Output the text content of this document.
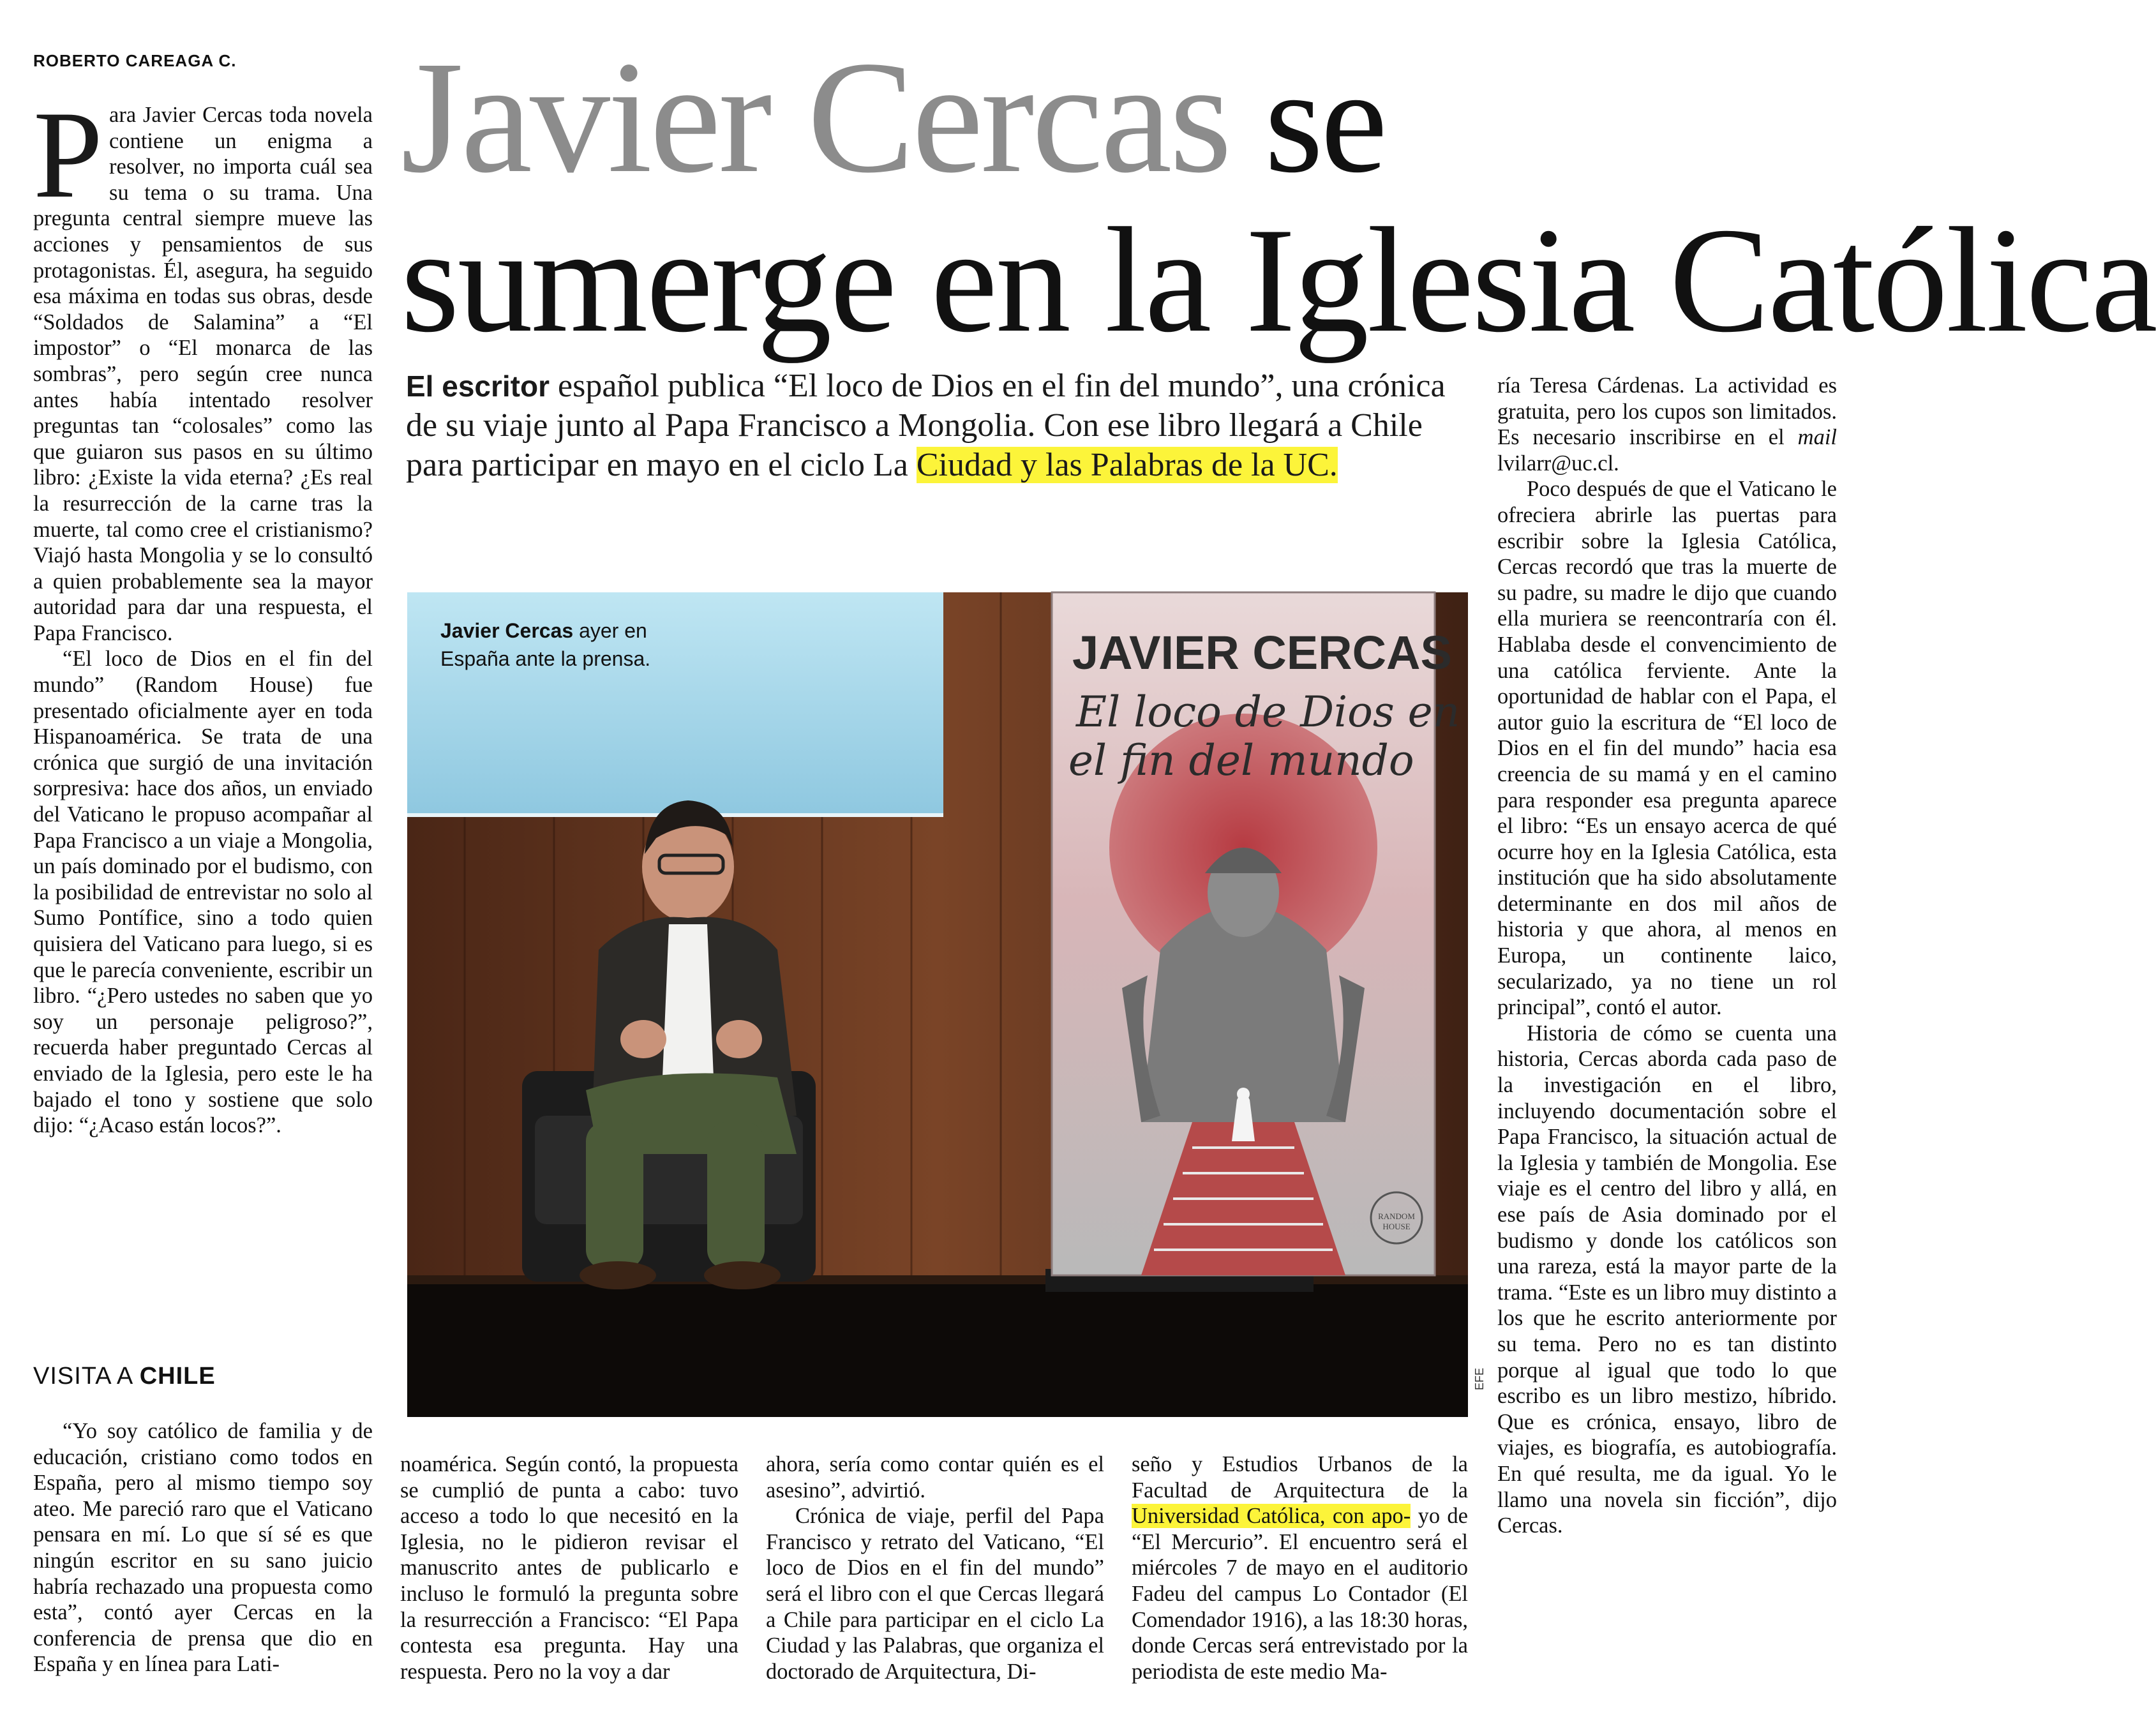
ROBERTO CAREAGA C. Javier Cercas se
sumerge en la Iglesia Católica
El escritor español publica “El loco de Dios en el fin del mundo”, una crónica de su viaje junto al Papa Francisco a Mongolia. Con ese libro llegará a Chile para participar en mayo en el ciclo La Ciudad y las Palabras de la UC.

Para Javier Cercas toda novela contiene un enigma a resolver, no importa cuál sea su tema o su trama. Una pregunta central siempre mueve las acciones y pensamientos de sus protagonistas. Él, asegura, ha seguido esa máxima en todas sus obras, desde “Soldados de Salamina” a “El impostor” o “El monarca de las sombras”, pero según cree nunca antes había intentado resolver preguntas tan “colosales” como las que guiaron sus pasos en su último libro: ¿Existe la vida eterna? ¿Es real la resurrección de la carne tras la muerte, tal como cree el cristianismo? Viajó hasta Mongolia y se lo consultó a quien probablemente sea la mayor autoridad para dar una respuesta, el Papa Francisco.

“El loco de Dios en el fin del mundo” (Random House) fue presentado oficialmente ayer en toda Hispanoamérica. Se trata de una crónica que surgió de una invitación sorpresiva: hace dos años, un enviado del Vaticano le propuso acompañar al Papa Francisco a un viaje a Mongolia, un país dominado por el budismo, con la posibilidad de entrevistar no solo al Sumo Pontífice, sino a todo quien quisiera del Vaticano para luego, si es que le parecía conveniente, escribir un libro. “¿Pero ustedes no saben que yo soy un personaje peligroso?”, recuerda haber preguntado Cercas al enviado de la Iglesia, pero este le ha bajado el tono y sostiene que solo dijo: “¿Acaso están locos?”.

VISITA A CHILE

“Yo soy católico de familia y de educación, cristiano como todos en España, pero al mismo tiempo soy ateo. Me pareció raro que el Vaticano pensara en mí. Lo que sí sé es que ningún escritor en su sano juicio habría rechazado una propuesta como esta”, contó ayer Cercas en la conferencia de prensa que dio en España y en línea para Lati-

RANDOM
HOUSE
JAVIER CERCAS
El loco de Dios en
el fin del mundo
Javier Cercas ayer en
España ante la prensa.
EFE

noamérica. Según contó, la propuesta se cumplió de punta a cabo: tuvo acceso a todo lo que necesitó en la Iglesia, no le pidieron revisar el manuscrito antes de publicarlo e incluso le formuló la pregunta sobre la resurrección a Francisco: “El Papa contesta esa pregunta. Hay una respuesta. Pero no la voy a dar

ahora, sería como contar quién es el asesino”, advirtió.

Crónica de viaje, perfil del Papa Francisco y retrato del Vaticano, “El loco de Dios en el fin del mundo” será el libro con el que Cercas llegará a Chile para participar en el ciclo La Ciudad y las Palabras, que organiza el doctorado de Arquitectura, Di-

seño y Estudios Urbanos de la Facultad de Arquitectura de la Universidad Católica, con apo- yo de “El Mercurio”. El encuentro será el miércoles 7 de mayo en el auditorio Fadeu del campus Lo Contador (El Comendador 1916), a las 18:30 horas, donde Cercas será entrevistado por la periodista de este medio Ma-

ría Teresa Cárdenas. La actividad es gratuita, pero los cupos son limitados. Es necesario inscribirse en el mail lvilarr@uc.cl.

Poco después de que el Vaticano le ofreciera abrirle las puertas para escribir sobre la Iglesia Católica, Cercas recordó que tras la muerte de su padre, su madre le dijo que cuando ella muriera se reencontraría con él. Hablaba desde el convencimiento de una católica ferviente. Ante la oportunidad de hablar con el Papa, el autor guio la escritura de “El loco de Dios en el fin del mundo” hacia esa creencia de su mamá y en el camino para responder esa pregunta aparece el libro: “Es un ensayo acerca de qué ocurre hoy en la Iglesia Católica, esta institución que ha sido absolutamente determinante en dos mil años de historia y que ahora, al menos en Europa, un continente laico, secularizado, ya no tiene un rol principal”, contó el autor.

Historia de cómo se cuenta una historia, Cercas aborda cada paso de la investigación en el libro, incluyendo documentación sobre el Papa Francisco, la situación actual de la Iglesia y también de Mongolia. Ese viaje es el centro del libro y allá, en ese país de Asia dominado por el budismo y donde los católicos son una rareza, está la mayor parte de la trama. “Este es un libro muy distinto a los que he escrito anteriormente por su tema. Pero no es tan distinto porque al igual que todo lo que escribo es un libro mestizo, híbrido. Que es crónica, ensayo, libro de viajes, es biografía, es autobiografía. En qué resulta, me da igual. Yo le llamo una novela sin ficción”, dijo Cercas.
